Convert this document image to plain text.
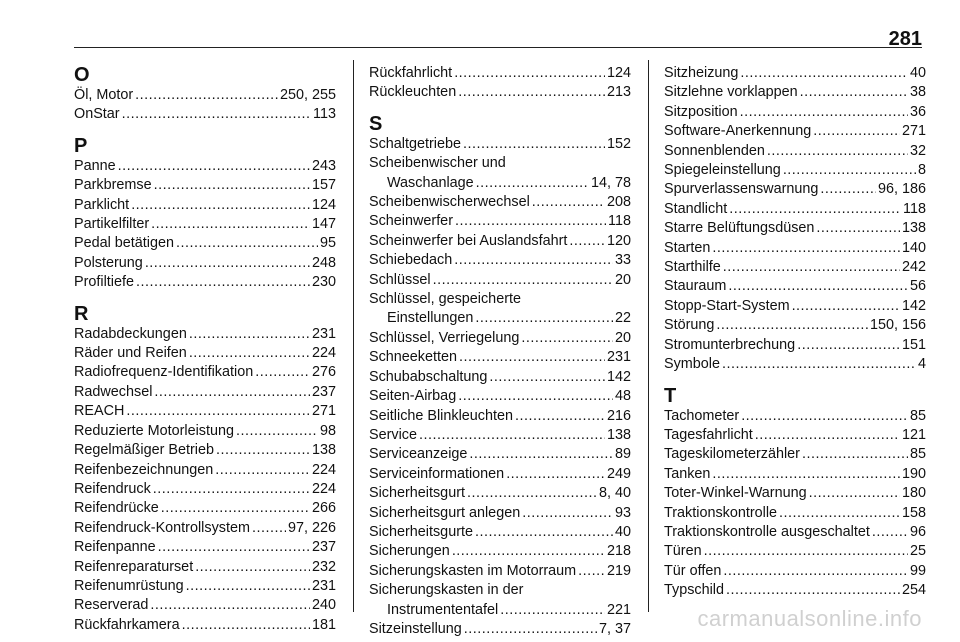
281
O
Öl, Motor .....	250, 255
OnStar .....	113
P
Panne .....	243
Parkbremse .....	157
Parklicht .....	124
Partikelfilter .....	147
Pedal betätigen .....	95
Polsterung .....	248
Profiltiefe .....	230
R
Radabdeckungen .....	231
Räder und Reifen .....	224
Radiofrequenz-Identifikation .....	276
Radwechsel .....	237
REACH .....	271
Reduzierte Motorleistung .....	98
Regelmäßiger Betrieb .....	138
Reifenbezeichnungen .....	224
Reifendruck .....	224
Reifendrücke .....	266
Reifendruck-Kontrollsystem .....	97, 226
Reifenpanne .....	237
Reifenreparaturset .....	232
Reifenumrüstung .....	231
Reserverad .....	240
Rückfahrkamera .....	181
Rückfahrlicht .....	124
Rückleuchten .....	213
S
Schaltgetriebe .....	152
Scheibenwischer und
Waschanlage .....	14, 78
Scheibenwischerwechsel .....	208
Scheinwerfer .....	118
Scheinwerfer bei Auslandsfahrt .....	120
Schiebedach .....	33
Schlüssel .....	20
Schlüssel, gespeicherte
Einstellungen .....	22
Schlüssel, Verriegelung .....	20
Schneeketten .....	231
Schubabschaltung .....	142
Seiten-Airbag .....	48
Seitliche Blinkleuchten .....	216
Service .....	138
Serviceanzeige .....	89
Serviceinformationen .....	249
Sicherheitsgurt .....	8, 40
Sicherheitsgurt anlegen .....	93
Sicherheitsgurte .....	40
Sicherungen .....	218
Sicherungskasten im Motorraum ..... 219
Sicherungskasten in der
Instrumententafel .....	221
Sitzeinstellung .....	7, 37
Sitzheizung .....	40
Sitzlehne vorklappen .....	38
Sitzposition .....	36
Software-Anerkennung .....	271
Sonnenblenden .....	32
Spiegeleinstellung .....	8
Spurverlassenswarnung .....	96, 186
Standlicht .....	118
Starre Belüftungsdüsen .....	138
Starten .....	140
Starthilfe .....	242
Stauraum .....	56
Stopp-Start-System .....	142
Störung .....	150, 156
Stromunterbrechung .....	151
Symbole .....	4
T
Tachometer .....	85
Tagesfahrlicht .....	121
Tageskilometerzähler .....	85
Tanken .....	190
Toter-Winkel-Warnung .....	180
Traktionskontrolle .....	158
Traktionskontrolle ausgeschaltet .....	96
Türen .....	25
Tür offen .....	99
Typschild .....	254
carmanualsonline.info
